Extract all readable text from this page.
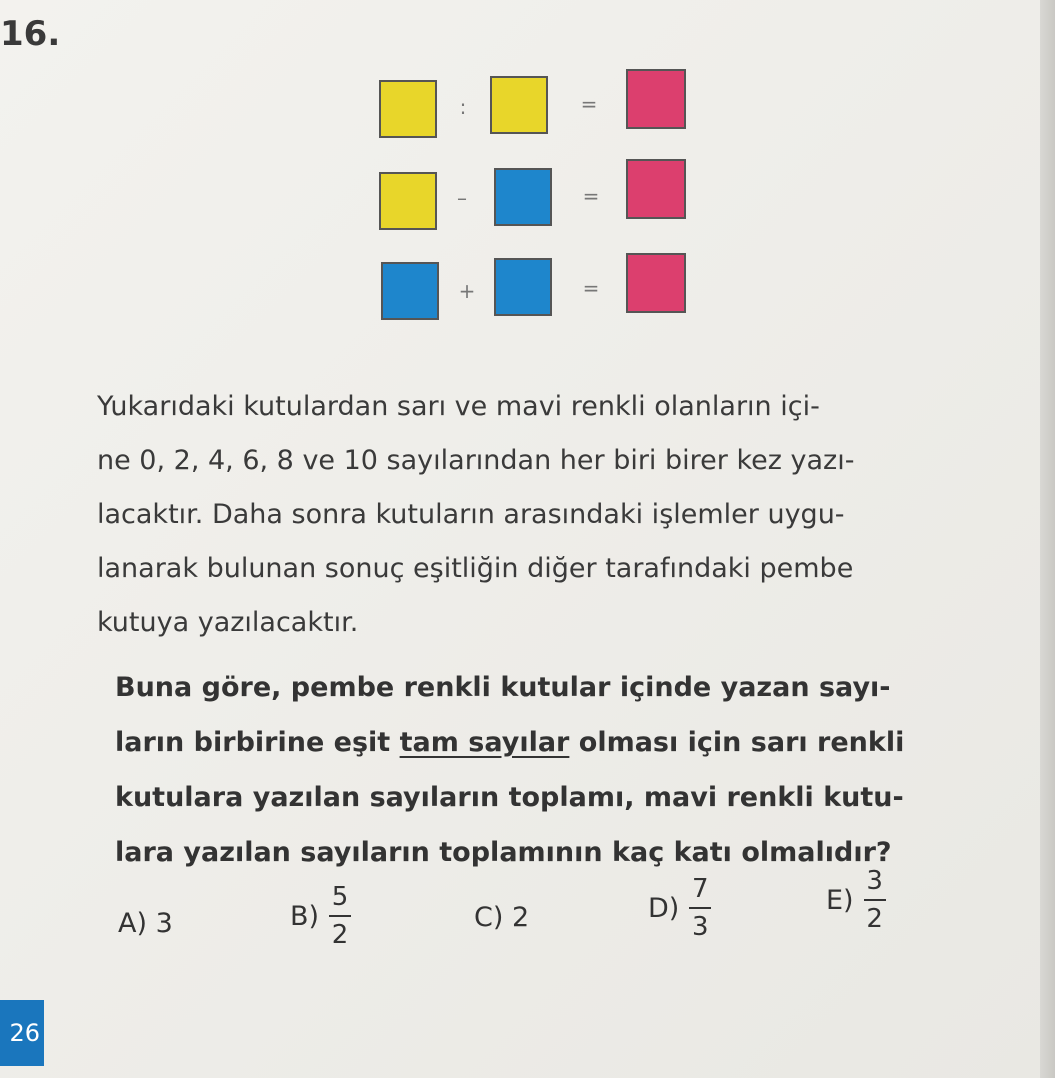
16.
:	=
–	=
+	=

Yukarıdaki kutulardan sarı ve mavi renkli olanların içi-

ne 0, 2, 4, 6, 8 ve 10 sayılarından her biri birer kez yazı-

lacaktır. Daha sonra kutuların arasındaki işlemler uygu-

lanarak bulunan sonuç eşitliğin diğer tarafındaki pembe

kutuya yazılacaktır.

Buna göre, pembe renkli kutular içinde yazan sayı-

ların birbirine eşit tam sayılar olması için sarı renkli

kutulara yazılan sayıların toplamı, mavi renkli kutu-

lara yazılan sayıların toplamının kaç katı olmalıdır?

A) 3	$B) \frac{5}{2}$	C) 2	$D) \frac{7}{3}$	$E) \frac{3}{2}$
26
